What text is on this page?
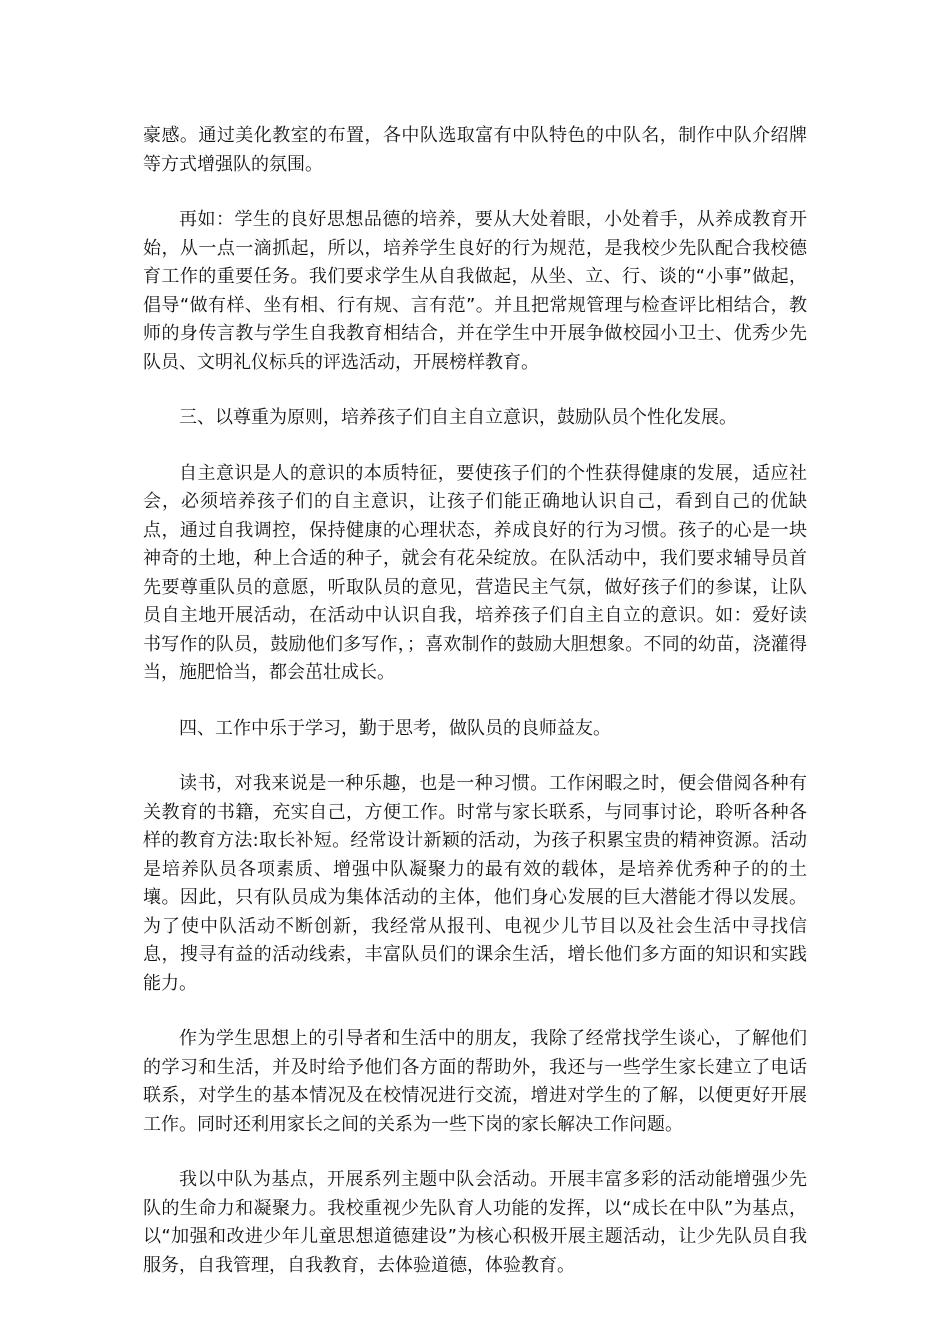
豪感。通过美化教室的布置，各中队选取富有中队特色的中队名，制作中队介绍牌等方式增强队的氛围。

再如：学生的良好思想品德的培养，要从大处着眼，小处着手，从养成教育开始，从一点一滴抓起，所以，培养学生良好的行为规范，是我校少先队配合我校德育工作的重要任务。我们要求学生从自我做起，从坐、立、行、谈的“小事”做起，倡导“做有样、坐有相、行有规、言有范”。并且把常规管理与检查评比相结合，教师的身传言教与学生自我教育相结合，并在学生中开展争做校园小卫士、优秀少先队员、文明礼仪标兵的评选活动，开展榜样教育。

三、以尊重为原则，培养孩子们自主自立意识，鼓励队员个性化发展。

自主意识是人的意识的本质特征，要使孩子们的个性获得健康的发展，适应社会，必须培养孩子们的自主意识，让孩子们能正确地认识自己，看到自己的优缺点，通过自我调控，保持健康的心理状态，养成良好的行为习惯。孩子的心是一块神奇的土地，种上合适的种子，就会有花朵绽放。在队活动中，我们要求辅导员首先要尊重队员的意愿，听取队员的意见，营造民主气氛，做好孩子们的参谋，让队员自主地开展活动，在活动中认识自我，培养孩子们自主自立的意识。如：爱好读书写作的队员，鼓励他们多写作，；喜欢制作的鼓励大胆想象。不同的幼苗，浇灌得当，施肥恰当，都会茁壮成长。

四、工作中乐于学习，勤于思考，做队员的良师益友。

读书，对我来说是一种乐趣，也是一种习惯。工作闲暇之时，便会借阅各种有关教育的书籍，充实自己，方便工作。时常与家长联系，与同事讨论，聆听各种各样的教育方法:取长补短。经常设计新颖的活动，为孩子积累宝贵的精神资源。活动是培养队员各项素质、增强中队凝聚力的最有效的载体，是培养优秀种子的的土壤。因此，只有队员成为集体活动的主体，他们身心发展的巨大潜能才得以发展。为了使中队活动不断创新，我经常从报刊、电视少儿节目以及社会生活中寻找信息，搜寻有益的活动线索，丰富队员们的课余生活，增长他们多方面的知识和实践能力。

作为学生思想上的引导者和生活中的朋友，我除了经常找学生谈心，了解他们的学习和生活，并及时给予他们各方面的帮助外，我还与一些学生家长建立了电话联系，对学生的基本情况及在校情况进行交流，增进对学生的了解，以便更好开展工作。同时还利用家长之间的关系为一些下岗的家长解决工作问题。

我以中队为基点，开展系列主题中队会活动。开展丰富多彩的活动能增强少先队的生命力和凝聚力。我校重视少先队育人功能的发挥，以“成长在中队”为基点，以“加强和改进少年儿童思想道德建设”为核心积极开展主题活动，让少先队员自我服务，自我管理，自我教育，去体验道德，体验教育。
